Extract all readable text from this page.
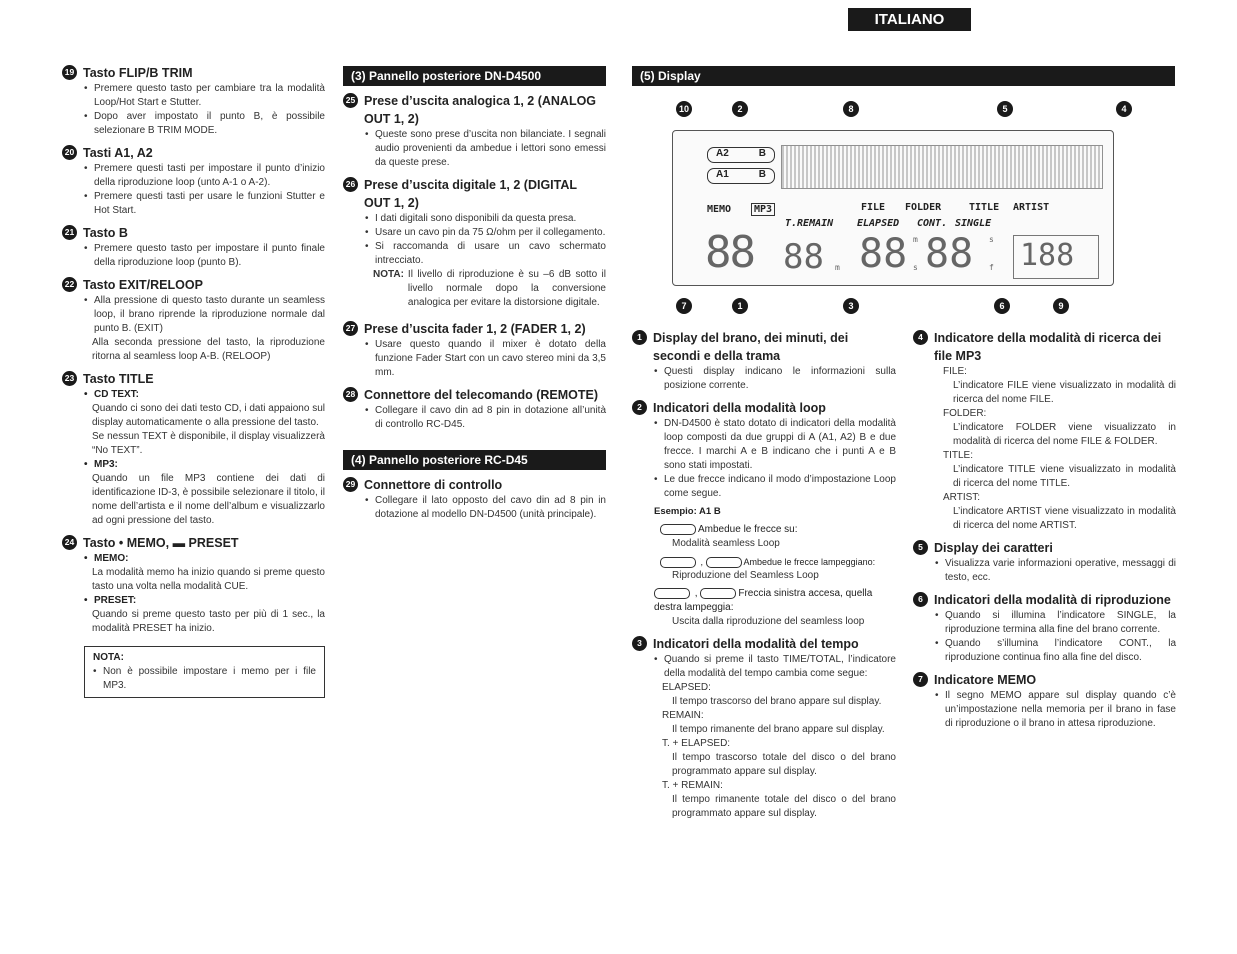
ITALIANO
19 Tasto FLIP/B TRIM
• Premere questo tasto per cambiare tra la modalità Loop/Hot Start e Stutter.
• Dopo aver impostato il punto B, è possibile selezionare B TRIM MODE.
20 Tasti A1, A2
• Premere questi tasti per impostare il punto d’inizio della riproduzione loop (unto A-1 o A-2).
• Premere questi tasti per usare le funzioni Stutter e Hot Start.
21 Tasto B
• Premere questo tasto per impostare il punto finale della riproduzione loop (punto B).
22 Tasto EXIT/RELOOP
• Alla pressione di questo tasto durante un seamless loop, il brano riprende la riproduzione normale dal punto B. (EXIT)
Alla seconda pressione del tasto, la riproduzione ritorna al seamless loop A-B. (RELOOP)
23 Tasto TITLE
• CD TEXT:
Quando ci sono dei dati testo CD, i dati appaiono sul display automaticamente o alla pressione del tasto.
Se nessun TEXT è disponibile, il display visualizzerà “No TEXT”.
• MP3:
Quando un file MP3 contiene dei dati di identificazione ID-3, è possibile selezionare il titolo, il nome dell’artista e il nome dell’album e visualizzarlo ad ogni pressione del tasto.
24 Tasto • MEMO, ▬ PRESET
• MEMO:
La modalità memo ha inizio quando si preme questo tasto una volta nella modalità CUE.
• PRESET:
Quando si preme questo tasto per più di 1 sec., la modalità PRESET ha inizio.
NOTA:
• Non è possibile impostare i memo per i file MP3.
(3) Pannello posteriore DN-D4500
25 Prese d’uscita analogica 1, 2 (ANALOG OUT 1, 2)
• Queste sono prese d’uscita non bilanciate. I segnali audio provenienti da ambedue i lettori sono emessi da queste prese.
26 Prese d’uscita digitale 1, 2 (DIGITAL OUT 1, 2)
• I dati digitali sono disponibili da questa presa.
• Usare un cavo pin da 75 Ω/ohm per il collegamento.
• Si raccomanda di usare un cavo schermato intrecciato.
NOTA: Il livello di riproduzione è su –6 dB sotto il livello normale dopo la conversione analogica per evitare la distorsione digitale.
27 Prese d’uscita fader 1, 2 (FADER 1, 2)
• Usare questo quando il mixer è dotato della funzione Fader Start con un cavo stereo mini da 3,5 mm.
28 Connettore del telecomando (REMOTE)
• Collegare il cavo din ad 8 pin in dotazione all’unità di controllo RC-D45.
(4) Pannello posteriore RC-D45
29 Connettore di controllo
• Collegare il lato opposto del cavo din ad 8 pin in dotazione al modello DN-D4500 (unità principale).
(5) Display
10	2	8	5	4
A2	B
A1	B
MEMO	MP3	FILE FOLDER	TITLE ARTIST
T.REMAIN ELAPSED CONT. SINGLE
88 88 m 88 m
s 88 s
f 188
7	1	3	6	9
1 Display del brano, dei minuti, dei secondi e della trama
• Questi display indicano le informazioni sulla posizione corrente.
2 Indicatori della modalità loop
• DN-D4500 è stato dotato di indicatori della modalità loop composti da due gruppi di A (A1, A2) B e due frecce. I marchi A e B indicano che i punti A e B sono stati impostati.
• Le due frecce indicano il modo d’impostazione Loop come segue.
Esempio: A1 B
Ambedue le frecce su:
Modalità seamless Loop
,	Ambedue le frecce lampeggiano:
Riproduzione del Seamless Loop
,	Freccia sinistra accesa, quella destra lampeggia:
Uscita dalla riproduzione del seamless loop
3 Indicatori della modalità del tempo
• Quando si preme il tasto TIME/TOTAL, l’indicatore della modalità del tempo cambia come segue:
ELAPSED:
Il tempo trascorso del brano appare sul display.
REMAIN:
Il tempo rimanente del brano appare sul display.
T. + ELAPSED:
Il tempo trascorso totale del disco o del brano programmato appare sul display.
T. + REMAIN:
Il tempo rimanente totale del disco o del brano programmato appare sul display.
4 Indicatore della modalità di ricerca dei file MP3
FILE:
L’indicatore FILE viene visualizzato in modalità di ricerca del nome FILE.
FOLDER:
L’indicatore FOLDER viene visualizzato in modalità di ricerca del nome FILE & FOLDER.
TITLE:
L’indicatore TITLE viene visualizzato in modalità di ricerca del nome TITLE.
ARTIST:
L’indicatore ARTIST viene visualizzato in modalità di ricerca del nome ARTIST.
5 Display dei caratteri
• Visualizza varie informazioni operative, messaggi di testo, ecc.
6 Indicatori della modalità di riproduzione
• Quando si illumina l’indicatore SINGLE, la riproduzione termina alla fine del brano corrente.
• Quando s’illumina l’indicatore CONT., la riproduzione continua fino alla fine del disco.
7 Indicatore MEMO
• Il segno MEMO appare sul display quando c’è un’impostazione nella memoria per il brano in fase di riproduzione o il brano in attesa riproduzione.
